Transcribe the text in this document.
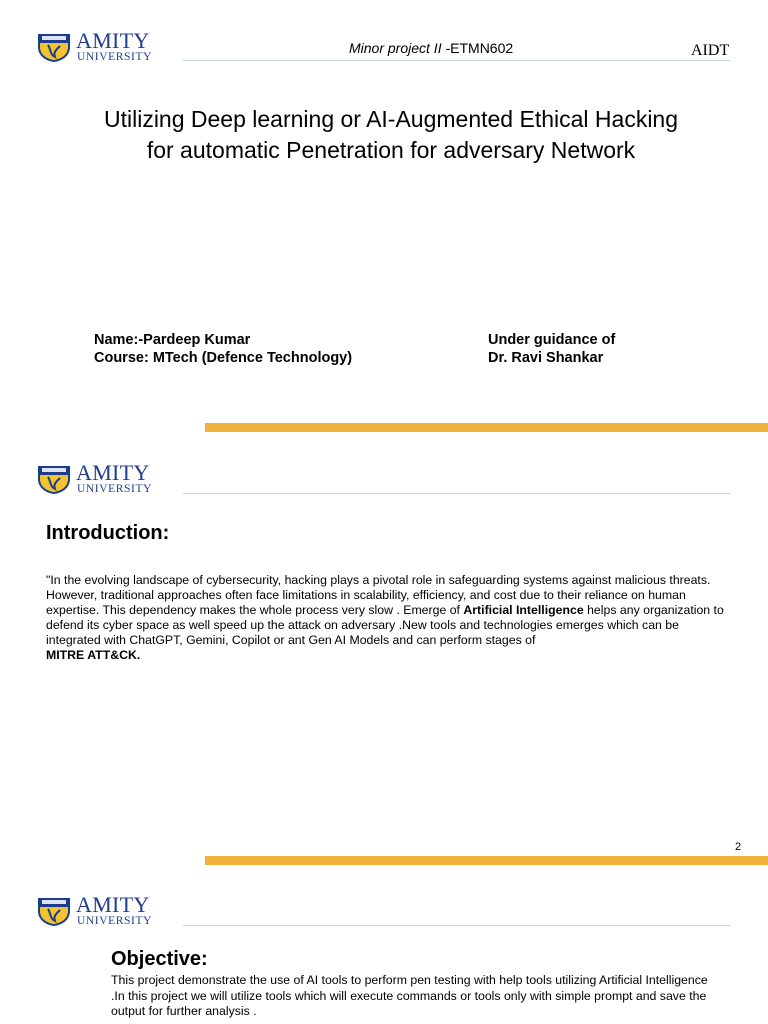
AMITY
UNIVERSITY
Minor project II -ETMN602	AIDT
Utilizing Deep learning or AI-Augmented Ethical Hacking for automatic Penetration for adversary Network
Name:-Pardeep Kumar
Course: MTech (Defence Technology)
Under guidance of
Dr. Ravi Shankar
AMITY
UNIVERSITY
Introduction:
"In the evolving landscape of cybersecurity, hacking plays a pivotal role in safeguarding systems against malicious threats. However, traditional approaches often face limitations in scalability, efficiency, and cost due to their reliance on human expertise. This dependency makes the whole process very slow . Emerge of Artificial Intelligence helps any organization to defend its cyber space as well speed up the attack on adversary .New tools and technologies emerges which can be integrated with ChatGPT, Gemini, Copilot or ant Gen AI Models and can perform stages of
MITRE ATT&CK.
2
AMITY
UNIVERSITY
Objective:
This project demonstrate the use of AI tools to perform pen testing with help tools utilizing Artificial Intelligence .In this project we will utilize tools which will execute commands or tools only with simple prompt and save the output for further analysis .
